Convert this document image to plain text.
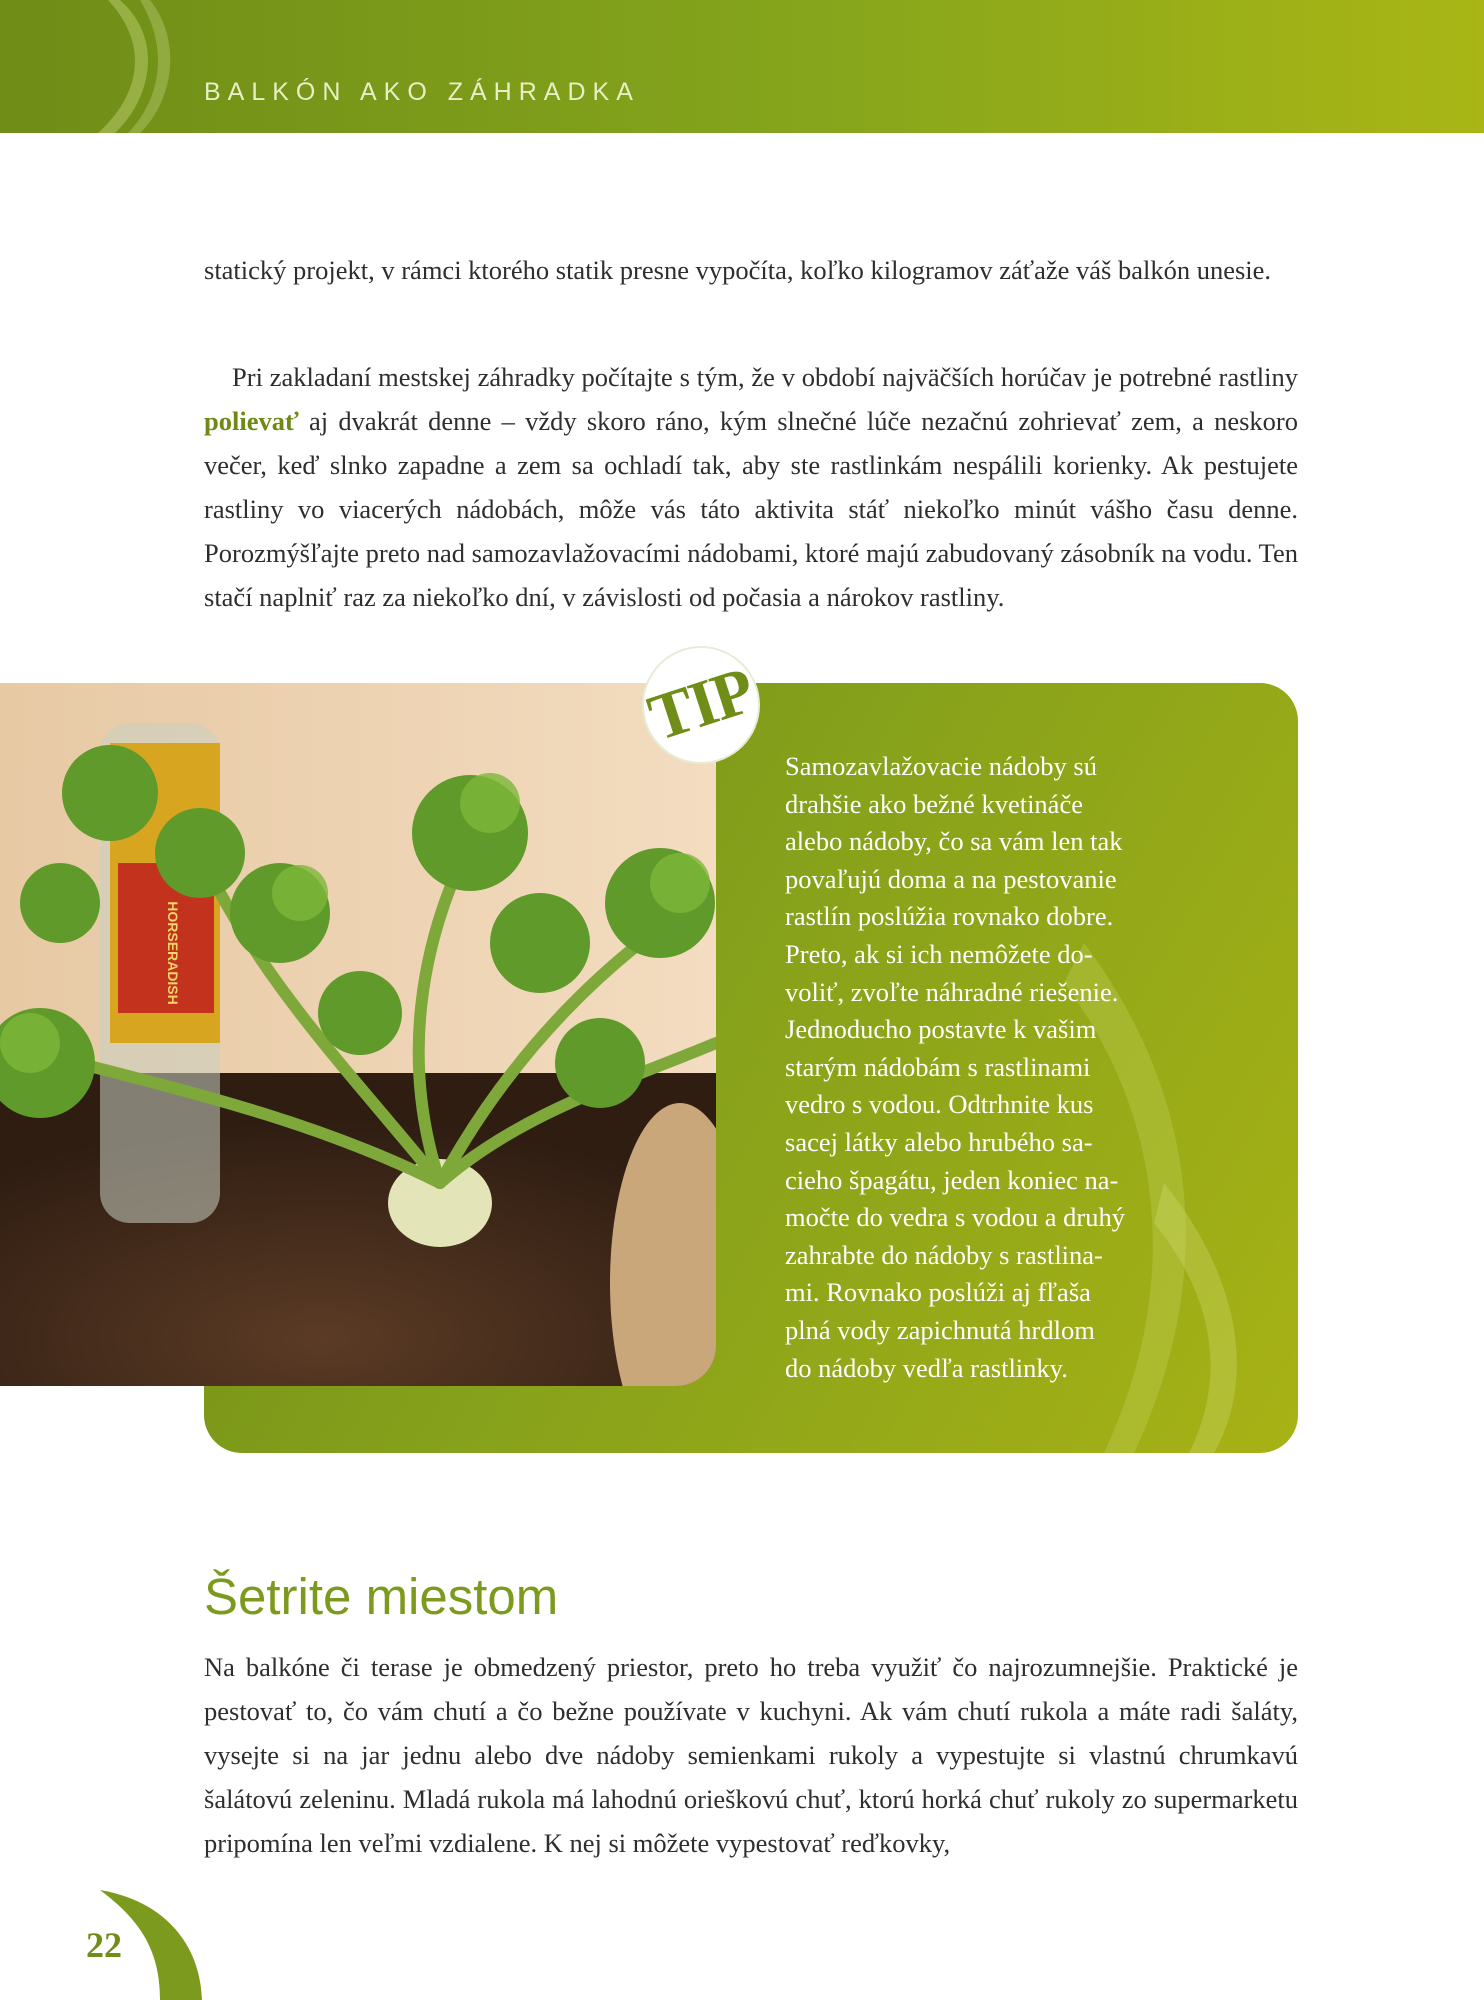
BALKÓN AKO ZÁHRADKA

statický projekt, v rámci ktorého statik presne vypočíta, koľko kilogramov záťaže váš balkón unesie.

Pri zakladaní mestskej záhradky počítajte s tým, že v období najväčších horúčav je potrebné rastliny polievať aj dvakrát denne – vždy skoro ráno, kým slnečné lúče nezačnú zohrievať zem, a neskoro večer, keď slnko zapadne a zem sa ochladí tak, aby ste rastlinkám nespálili korienky. Ak pestujete rastliny vo viacerých nádobách, môže vás táto aktivita stáť niekoľko minút vášho času denne. Porozmýšľajte preto nad samozavlažovacími nádobami, ktoré majú zabudovaný zásobník na vodu. Ten stačí naplniť raz za niekoľko dní, v závislosti od počasia a nárokov rastliny.

HORSERADISH
TIP
Samozavlažovacie nádoby sú
drahšie ako bežné kvetináče
alebo nádoby, čo sa vám len tak
povaľujú doma a na pestovanie
rastlín poslúžia rovnako dobre.
Preto, ak si ich nemôžete do-
voliť, zvoľte náhradné riešenie.
Jednoducho postavte k vašim
starým nádobám s rastlinami
vedro s vodou. Odtrhnite kus
sacej látky alebo hrubého sa-
cieho špagátu, jeden koniec na-
močte do vedra s vodou a druhý
zahrabte do nádoby s rastlina-
mi. Rovnako poslúži aj fľaša
plná vody zapichnutá hrdlom
do nádoby vedľa rastlinky.
Šetrite miestom

Na balkóne či terase je obmedzený priestor, preto ho treba využiť čo najrozumnejšie. Praktické je pestovať to, čo vám chutí a čo bežne používate v kuchyni. Ak vám chutí rukola a máte radi šaláty, vysejte si na jar jednu alebo dve nádoby semienkami rukoly a vypestujte si vlastnú chrumkavú šalátovú zeleninu. Mladá rukola má lahodnú orieškovú chuť, ktorú horká chuť rukoly zo supermarketu pripomína len veľmi vzdialene. K nej si môžete vypestovať reďkovky,

22
